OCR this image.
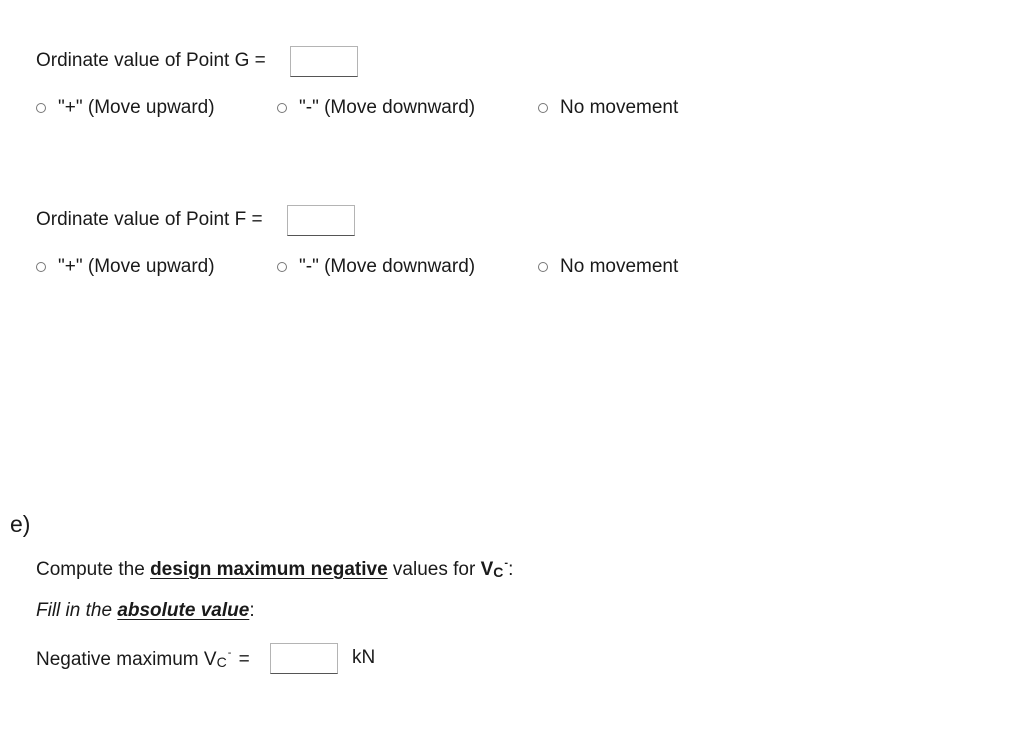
Ordinate value of Point G =
"+" (Move upward)	"-" (Move downward)	No movement
Ordinate value of Point F =
"+" (Move upward)	"-" (Move downward)	No movement
e)
Compute the design maximum negative values for $V_C^-$:
Fill in the absolute value:
Negative maximum $V_C^-$ =	kN
